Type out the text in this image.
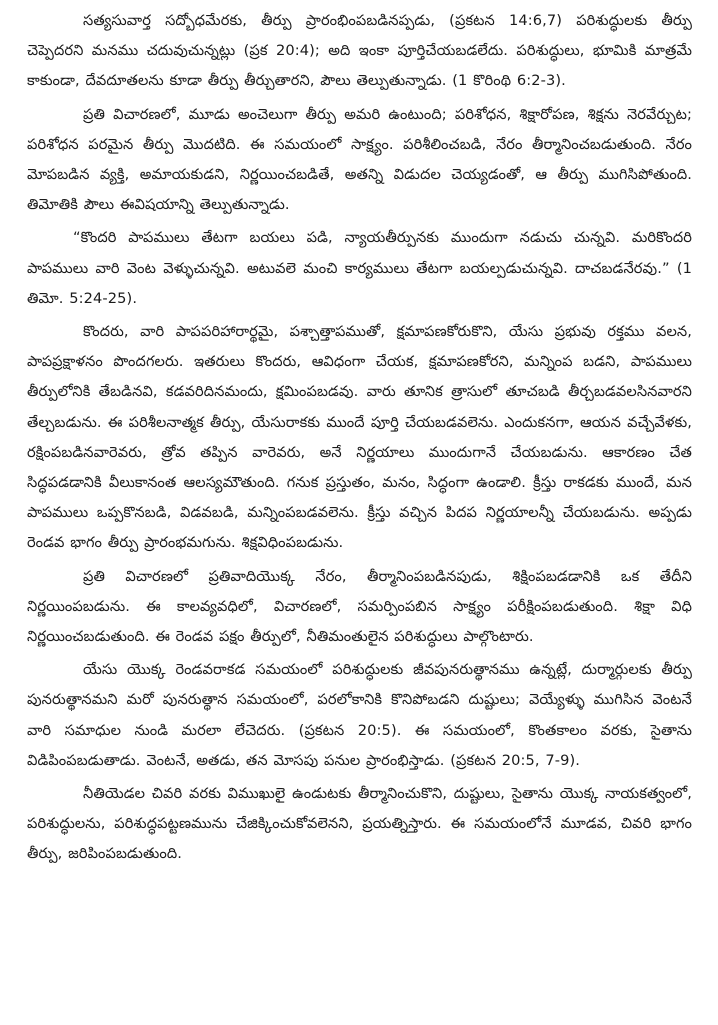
సత్యసువార్త సద్బోధమేరకు, తీర్పు ప్రారంభింపబడినప్పడు, (ప్రకటన 14:6,7) పరిశుద్ధులకు తీర్పు చెప్పెదరని మనము చదువుచున్నట్లు (ప్రక 20:4); అది ఇంకా పూర్తిచేయబడలేదు. పరిశుద్ధులు, భూమికి మాత్రమే కాకుండా, దేవదూతలను కూడా తీర్పు తీర్చుతారని, పౌలు తెల్పుతున్నాడు. (1 కొరింథి 6:2-3).

ప్రతి విచారణలో, మూడు అంచెలుగా తీర్పు అమరి ఉంటుంది; పరిశోధన, శిక్షారోపణ, శిక్షను నెరవేర్చుట; పరిశోధన పరమైన తీర్పు మొదటిది. ఈ సమయంలో సాక్ష్యం. పరిశీలించబడి, నేరం తీర్మానించబడుతుంది. నేరం మోపబడిన వ్యక్తి, అమాయకుడని, నిర్ణయించబడితే, అతన్ని విడుదల చెయ్యడంతో, ఆ తీర్పు ముగిసిపోతుంది. తిమోతికి పౌలు ఈవిషయాన్ని తెల్పుతున్నాడు.

“కొందరి పాపములు తేటగా బయలు పడి, న్యాయతీర్పునకు ముందుగా నడుచు చున్నవి. మరికొందరి పాపములు వారి వెంట వెళ్ళుచున్నవి. అటువలె మంచి కార్యములు తేటగా బయల్పడుచున్నవి. దాచబడనేరవు.” (1 తిమో. 5:24-25).

కొందరు, వారి పాపపరిహారార్థమై, పశ్చాత్తాపముతో, క్షమాపణకోరుకొని, యేసు ప్రభువు రక్తము వలన, పాపప్రక్షాళనం పొందగలరు. ఇతరులు కొందరు, ఆవిధంగా చేయక, క్షమాపణకోరని, మన్నింప బడని, పాపములు తీర్పులోనికి తేబడినవి, కడవరిదినమందు, క్షమింపబడవు. వారు తూనిక త్రాసులో తూచబడి తీర్చబడవలసినవారని తేల్చబడును. ఈ పరిశీలనాత్మక తీర్పు, యేసురాకకు ముందే పూర్తి చేయబడవలెను. ఎందుకనగా, ఆయన వచ్చేవేళకు, రక్షింపబడినవారెవరు, త్రోవ తప్పిన వారెవరు, అనే నిర్ణయాలు ముందుగానే చేయబడును. ఆకారణం చేత సిద్ధపడడానికి వీలుకానంత ఆలస్యమౌతుంది. గనుక ప్రస్తుతం, మనం, సిద్ధంగా ఉండాలి. క్రీస్తు రాకడకు ముందే, మన పాపములు ఒప్పకొనబడి, విడవబడి, మన్నింపబడవలెను. క్రీస్తు వచ్చిన పిదప నిర్ణయాలన్నీ చేయబడును. అప్పడు రెండవ భాగం తీర్పు ప్రారంభమగును. శిక్షవిధింపబడును.

ప్రతి విచారణలో ప్రతివాదియొక్క నేరం, తీర్మానింపబడినపుడు, శిక్షింపబడడానికి ఒక తేదీని నిర్ణయింపబడును. ఈ కాలవ్యవధిలో, విచారణలో, సమర్పింపబిన సాక్ష్యం పరీక్షింపబడుతుంది. శిక్షా విధి నిర్ణయించబడుతుంది. ఈ రెండవ పక్షం తీర్పులో, నీతిమంతులైన పరిశుద్ధులు పాల్గొంటారు.

యేసు యొక్క రెండవరాకడ సమయంలో పరిశుద్ధులకు జీవపునరుత్థానము ఉన్నట్లే, దుర్మార్గులకు తీర్పు పునరుత్థానమని మరో పునరుత్థాన సమయంలో, పరలోకానికి కొనిపోబడని దుష్టులు; వెయ్యేళ్ళు ముగిసిన వెంటనే వారి సమాధుల నుండి మరలా లేచెదరు. (ప్రకటన 20:5). ఈ సమయంలో, కొంతకాలం వరకు, సైతాను విడిపింపబడుతాడు. వెంటనే, అతడు, తన మోసపు పనుల ప్రారంభిస్తాడు. (ప్రకటన 20:5, 7-9).

నీతియెడల చివరి వరకు విముఖులై ఉండుటకు తీర్మానించుకొని, దుష్టులు, సైతాను యొక్క నాయకత్వంలో, పరిశుద్ధులను, పరిశుద్ధపట్టణమును చేజిక్కించుకోవలెనని, ప్రయత్నిస్తారు. ఈ సమయంలోనే మూడవ, చివరి భాగం తీర్పు, జరిపింపబడుతుంది.
